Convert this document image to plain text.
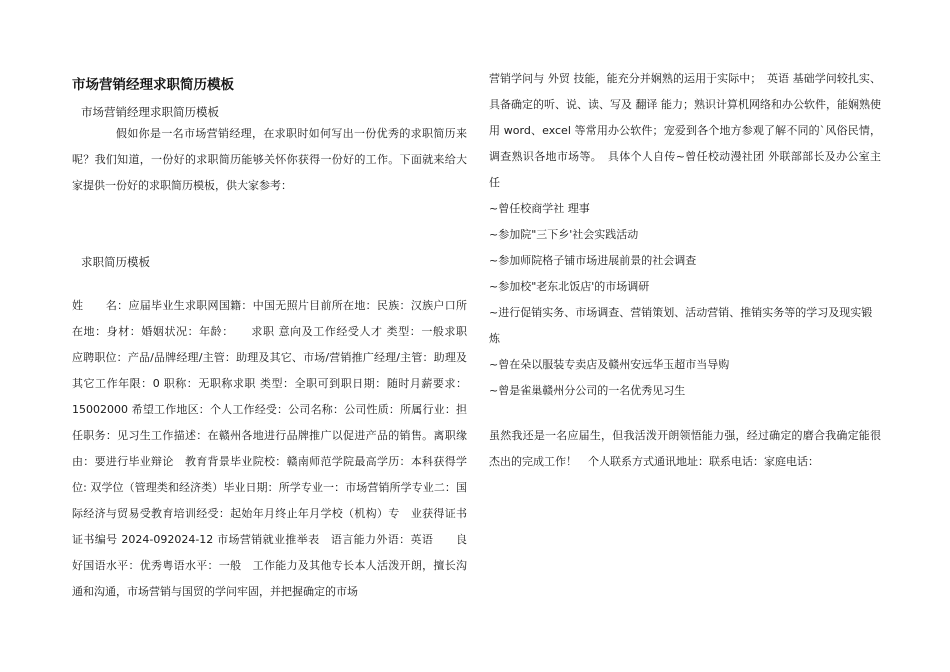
市场营销经理求职简历模板
市场营销经理求职简历模板

假如你是一名市场营销经理，在求职时如何写出一份优秀的求职简历来呢？我们知道，一份好的求职简历能够关怀你获得一份好的工作。下面就来给大家提供一份好的求职简历模板，供大家参考：

求职简历模板

姓　　名：应届毕业生求职网国籍：中国无照片目前所在地：民族：汉族户口所在地：身材：婚姻状况：年龄：　　求职 意向及工作经受人才 类型：一般求职　　应聘职位：产品/品牌经理/主管：助理及其它、市场/营销推广经理/主管：助理及其它工作年限：0 职称：无职称求职 类型：全职可到职日期：随时月薪要求：15002000 希望工作地区：个人工作经受：公司名称：公司性质：所属行业：担任职务：见习生工作描述：在赣州各地进行品牌推广以促进产品的销售。离职缘由：要进行毕业辩论　教育背景毕业院校：赣南师范学院最高学历：本科获得学位: 双学位（管理类和经济类）毕业日期：所学专业一：市场营销所学专业二：国际经济与贸易受教育培训经受：起始年月终止年月学校（机构）专　业获得证书证书编号 2024-092024-12 市场营销就业推举表　语言能力外语：英语　　良好国语水平：优秀粤语水平：一般　工作能力及其他专长本人活泼开朗，擅长沟通和沟通，市场营销与国贸的学问牢固，并把握确定的市场

营销学问与 外贸 技能，能充分并娴熟的运用于实际中；　英语 基础学问较扎实、具备确定的听、说、读、写及 翻译 能力；熟识计算机网络和办公软件，能娴熟使用 word、excel 等常用办公软件；宠爱到各个地方参观了解不同的`风俗民情，调查熟识各地市场等。　具体个人自传~曾任校动漫社团 外联部部长及办公室主任

~曾任校商学社 理事
~参加院"三下乡'社会实践活动
~参加师院格子铺市场进展前景的社会调查
~参加校"老东北饭店'的市场调研
~进行促销实务、市场调查、营销策划、活动营销、推销实务等的学习及现实锻炼
~曾在朵以服装专卖店及赣州安远华玉超市当导购
~曾是雀巢赣州分公司的一名优秀见习生

虽然我还是一名应届生，但我活泼开朗领悟能力强，经过确定的磨合我确定能很杰出的完成工作！　个人联系方式通讯地址：联系电话：家庭电话：
